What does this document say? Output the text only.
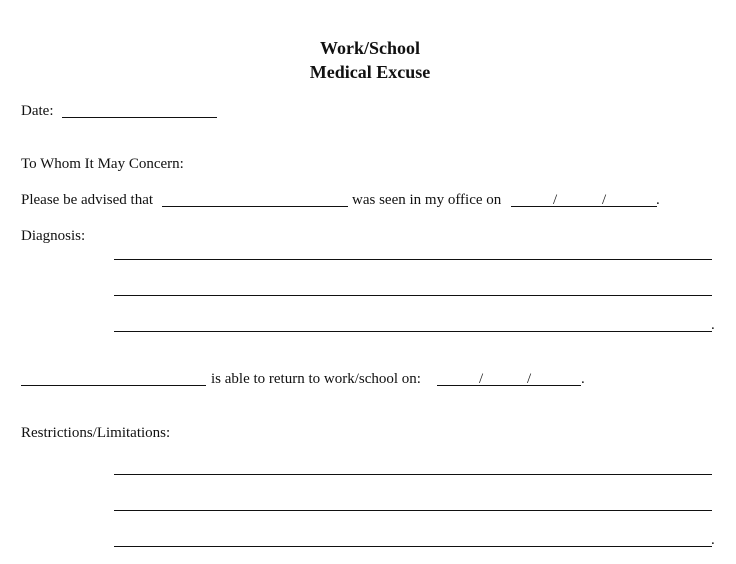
Work/School
Medical Excuse
Date:
To Whom It May Concern:
Please be advised that	was seen in my office on	/	/	.
Diagnosis:
.
is able to return to work/school on:	/	/	.
Restrictions/Limitations:
.
